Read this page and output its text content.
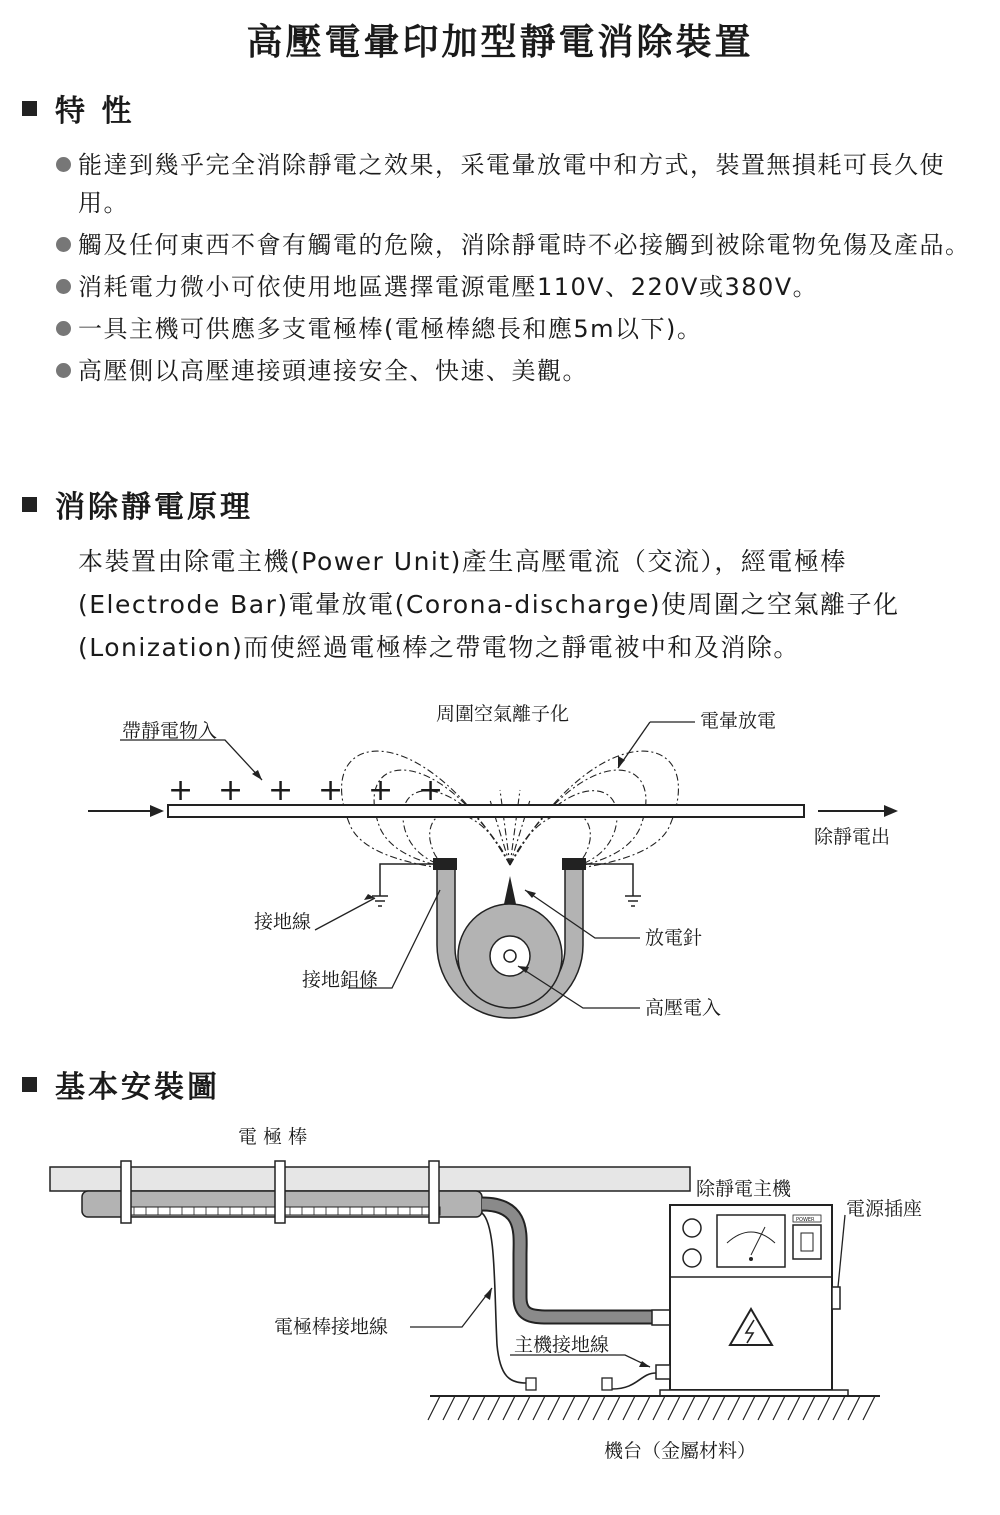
高壓電暈印加型靜電消除裝置
特 性
能達到幾乎完全消除靜電之效果，采電暈放電中和方式，裝置無損耗可長久使用。
觸及任何東西不會有觸電的危險，消除靜電時不必接觸到被除電物免傷及產品。
消耗電力微小可依使用地區選擇電源電壓110V、220V或380V。
一具主機可供應多支電極棒(電極棒總長和應5m以下)。
高壓側以高壓連接頭連接安全、快速、美觀。
消除靜電原理
本裝置由除電主機(Power Unit)產生高壓電流（交流），經電極棒(Electrode Bar)電暈放電(Corona-discharge)使周圍之空氣離子化(Lonization)而使經過電極棒之帶電物之靜電被中和及消除。
+ + + + + +
帶靜電物入
周圍空氣離子化	電暈放電
除靜電出
接地線
接地鋁條
放電針
高壓電入
基本安裝圖
電 極 棒
POWER
除靜電主機
電源插座
電極棒接地線
主機接地線
機台（金屬材料）
